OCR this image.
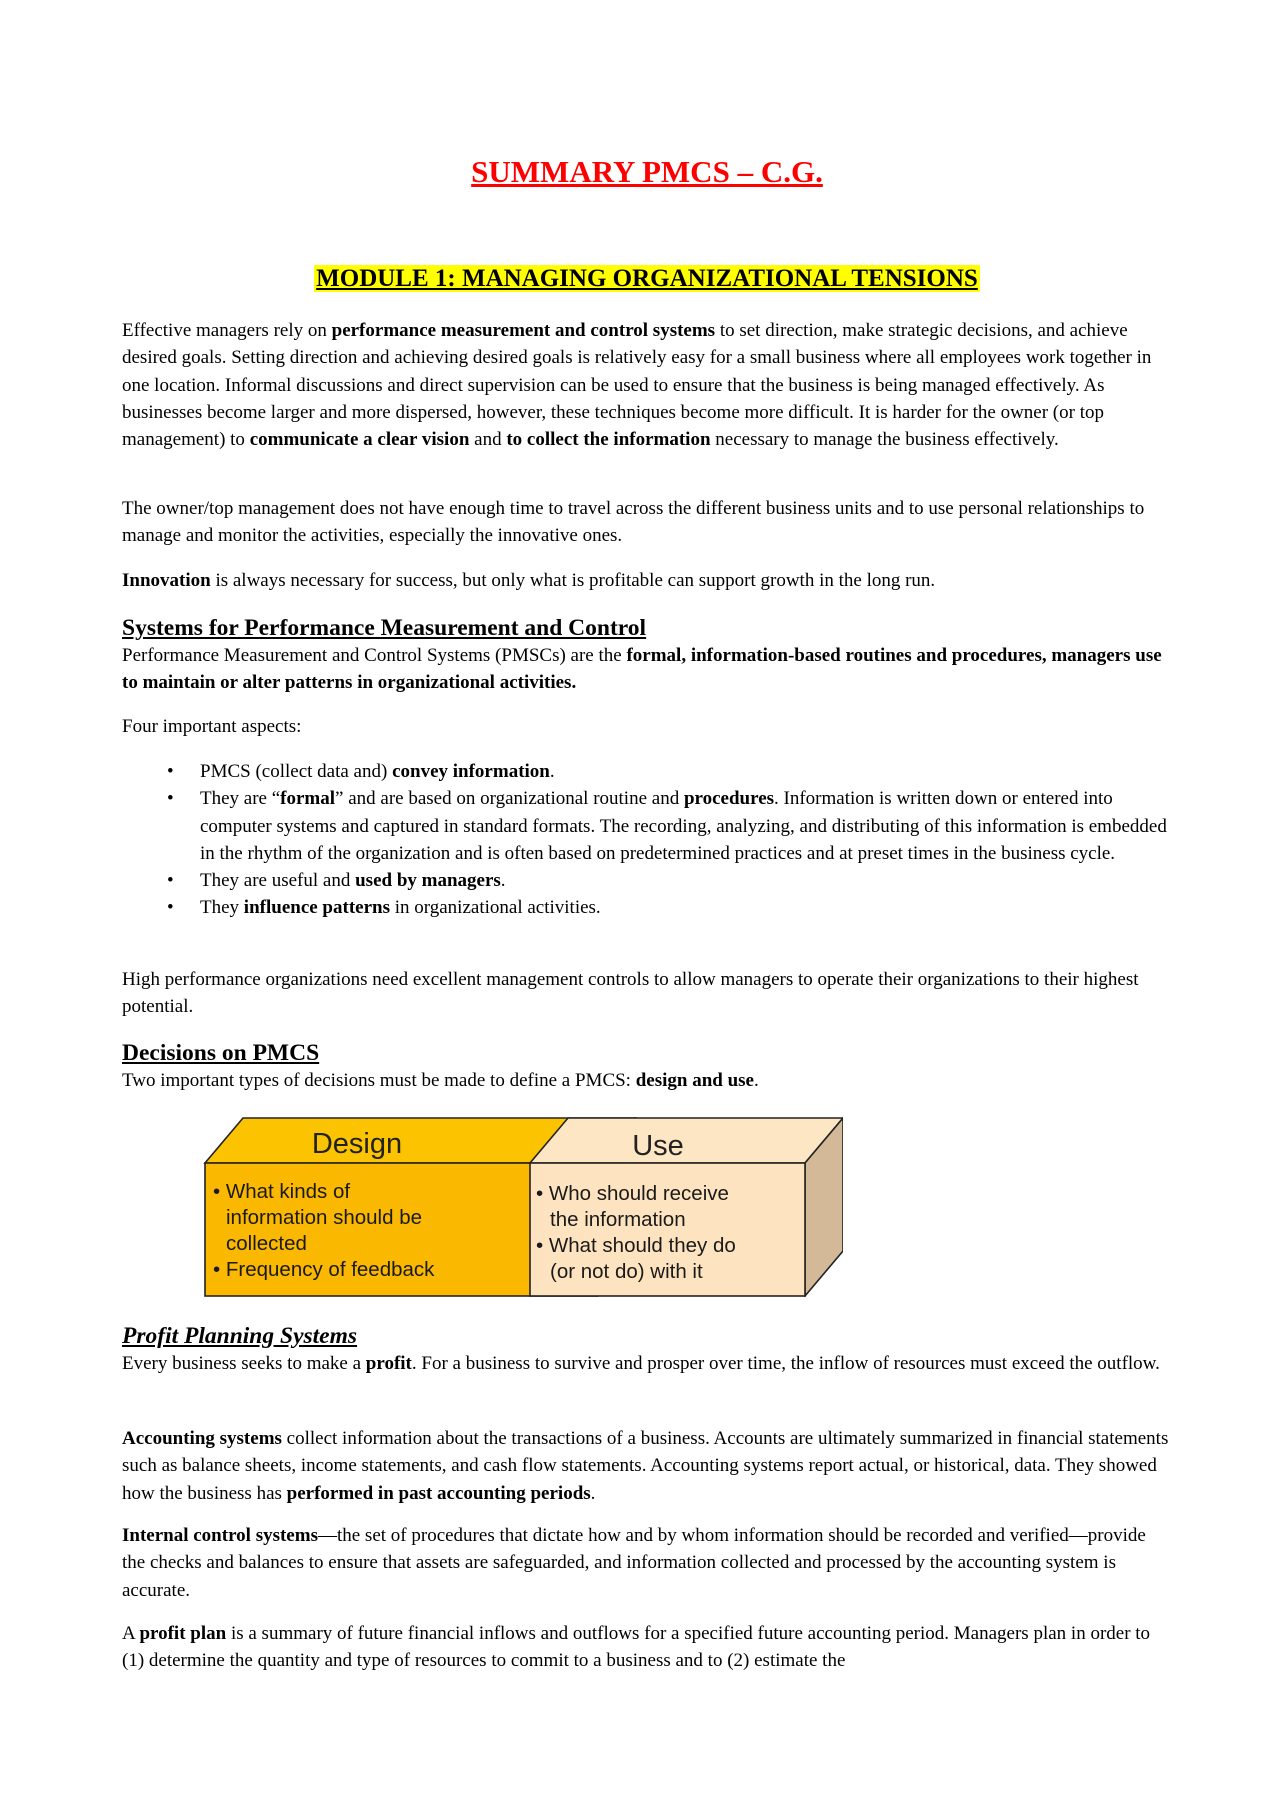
SUMMARY PMCS – C.G.
MODULE 1: MANAGING ORGANIZATIONAL TENSIONS

Effective managers rely on performance measurement and control systems to set direction, make strategic decisions, and achieve desired goals. Setting direction and achieving desired goals is relatively easy for a small business where all employees work together in one location. Informal discussions and direct supervision can be used to ensure that the business is being managed effectively. As businesses become larger and more dispersed, however, these techniques become more difficult. It is harder for the owner (or top management) to communicate a clear vision and to collect the information necessary to manage the business effectively.

The owner/top management does not have enough time to travel across the different business units and to use personal relationships to manage and monitor the activities, especially the innovative ones.

Innovation is always necessary for success, but only what is profitable can support growth in the long run.

Systems for Performance Measurement and Control

Performance Measurement and Control Systems (PMSCs) are the formal, information-based routines and procedures, managers use to maintain or alter patterns in organizational activities.

Four important aspects:

• PMCS (collect data and) convey information.
• They are “formal” and are based on organizational routine and procedures. Information is written down or entered into computer systems and captured in standard formats. The recording, analyzing, and distributing of this information is embedded in the rhythm of the organization and is often based on predetermined practices and at preset times in the business cycle.
• They are useful and used by managers.
• They influence patterns in organizational activities.

High performance organizations need excellent management controls to allow managers to operate their organizations to their highest potential.

Decisions on PMCS

Two important types of decisions must be made to define a PMCS: design and use.

Profit Planning Systems

Every business seeks to make a profit. For a business to survive and prosper over time, the inflow of resources must exceed the outflow.

Accounting systems collect information about the transactions of a business. Accounts are ultimately summarized in financial statements such as balance sheets, income statements, and cash flow statements. Accounting systems report actual, or historical, data. They showed how the business has performed in past accounting periods.

Internal control systems—the set of procedures that dictate how and by whom information should be recorded and verified—provide the checks and balances to ensure that assets are safeguarded, and information collected and processed by the accounting system is accurate.

A profit plan is a summary of future financial inflows and outflows for a specified future accounting period. Managers plan in order to (1) determine the quantity and type of resources to commit to a business and to (2) estimate the

Design
• What kinds of
information should be
collected
• Frequency of feedback
Use
• Who should receive
the information
• What should they do
(or not do) with it
